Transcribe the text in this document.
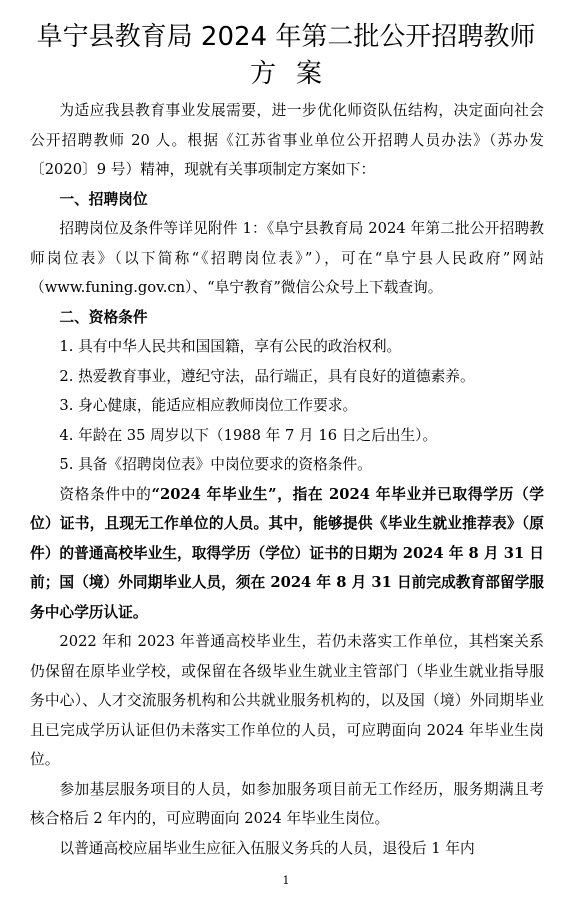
阜宁县教育局 2024 年第二批公开招聘教师
方案

为适应我县教育事业发展需要，进一步优化师资队伍结构，决定面向社会公开招聘教师 20 人。根据《江苏省事业单位公开招聘人员办法》（苏办发〔2020〕9 号）精神，现就有关事项制定方案如下：

一、招聘岗位

招聘岗位及条件等详见附件 1：《阜宁县教育局 2024 年第二批公开招聘教师岗位表》（以下简称“《招聘岗位表》”），可在“阜宁县人民政府”网站（www.funing.gov.cn）、“阜宁教育”微信公众号上下载查询。

二、资格条件

1. 具有中华人民共和国国籍，享有公民的政治权利。

2. 热爱教育事业，遵纪守法，品行端正，具有良好的道德素养。

3. 身心健康，能适应相应教师岗位工作要求。

4. 年龄在 35 周岁以下（1988 年 7 月 16 日之后出生）。

5. 具备《招聘岗位表》中岗位要求的资格条件。

资格条件中的“2024 年毕业生”，指在 2024 年毕业并已取得学历（学位）证书，且现无工作单位的人员。其中，能够提供《毕业生就业推荐表》（原件）的普通高校毕业生，取得学历（学位）证书的日期为 2024 年 8 月 31 日前；国（境）外同期毕业人员，须在 2024 年 8 月 31 日前完成教育部留学服务中心学历认证。

2022 年和 2023 年普通高校毕业生，若仍未落实工作单位，其档案关系仍保留在原毕业学校，或保留在各级毕业生就业主管部门（毕业生就业指导服务中心）、人才交流服务机构和公共就业服务机构的，以及国（境）外同期毕业且已完成学历认证但仍未落实工作单位的人员，可应聘面向 2024 年毕业生岗位。

参加基层服务项目的人员，如参加服务项目前无工作经历，服务期满且考核合格后 2 年内的，可应聘面向 2024 年毕业生岗位。

以普通高校应届毕业生应征入伍服义务兵的人员，退役后 1 年内

1
